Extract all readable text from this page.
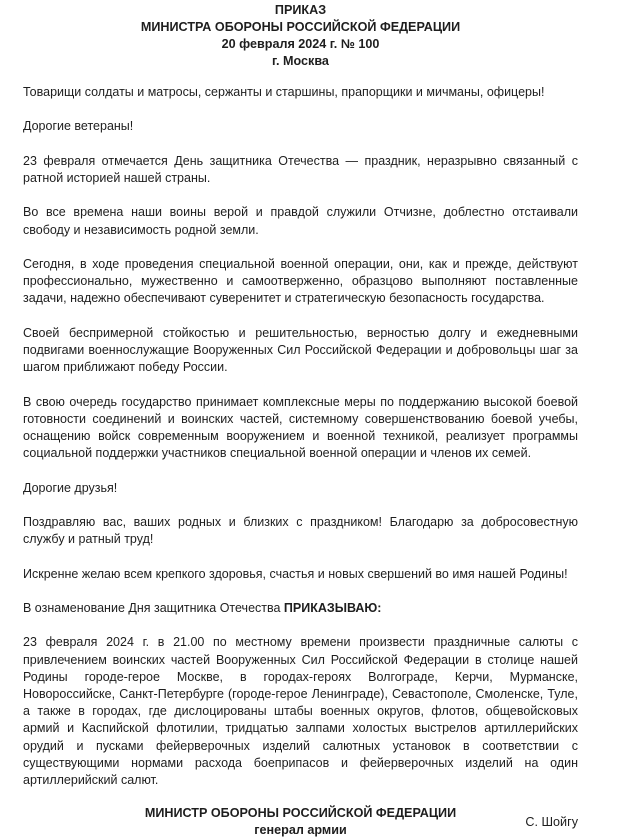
ПРИКАЗ
МИНИСТРА ОБОРОНЫ РОССИЙСКОЙ ФЕДЕРАЦИИ
20 февраля 2024 г. № 100
г. Москва

Товарищи солдаты и матросы, сержанты и старшины, прапорщики и мичманы, офицеры!

Дорогие ветераны!

23 февраля отмечается День защитника Отечества — праздник, неразрывно связанный с ратной историей нашей страны.

Во все времена наши воины верой и правдой служили Отчизне, доблестно отстаивали свободу и независимость родной земли.

Сегодня, в ходе проведения специальной военной операции, они, как и прежде, действуют профессионально, мужественно и самоотверженно, образцово выполняют поставленные задачи, надежно обеспечивают суверенитет и стратегическую безопасность государства.

Своей беспримерной стойкостью и решительностью, верностью долгу и ежедневными подвигами военнослужащие Вооруженных Сил Российской Федерации и добровольцы шаг за шагом приближают победу России.

В свою очередь государство принимает комплексные меры по поддержанию высокой боевой готовности соединений и воинских частей, системному совершенствованию боевой учебы, оснащению войск современным вооружением и военной техникой, реализует программы социальной поддержки участников специальной военной операции и членов их семей.

Дорогие друзья!

Поздравляю вас, ваших родных и близких с праздником! Благодарю за добросовестную службу и ратный труд!

Искренне желаю всем крепкого здоровья, счастья и новых свершений во имя нашей Родины!

В ознаменование Дня защитника Отечества ПРИКАЗЫВАЮ:

23 февраля 2024 г. в 21.00 по местному времени произвести праздничные салюты с привлечением воинских частей Вооруженных Сил Российской Федерации в столице нашей Родины городе-герое Москве, в городах-героях Волгограде, Керчи, Мурманске, Новороссийске, Санкт-Петербурге (городе-герое Ленинграде), Севастополе, Смоленске, Туле, а также в городах, где дислоцированы штабы военных округов, флотов, общевойсковых армий и Каспийской флотилии, тридцатью залпами холостых выстрелов артиллерийских орудий и пусками фейерверочных изделий салютных установок в соответствии с существующими нормами расхода боеприпасов и фейерверочных изделий на один артиллерийский салют.

МИНИСТР ОБОРОНЫ РОССИЙСКОЙ ФЕДЕРАЦИИ
генерал армии
С. Шойгу
